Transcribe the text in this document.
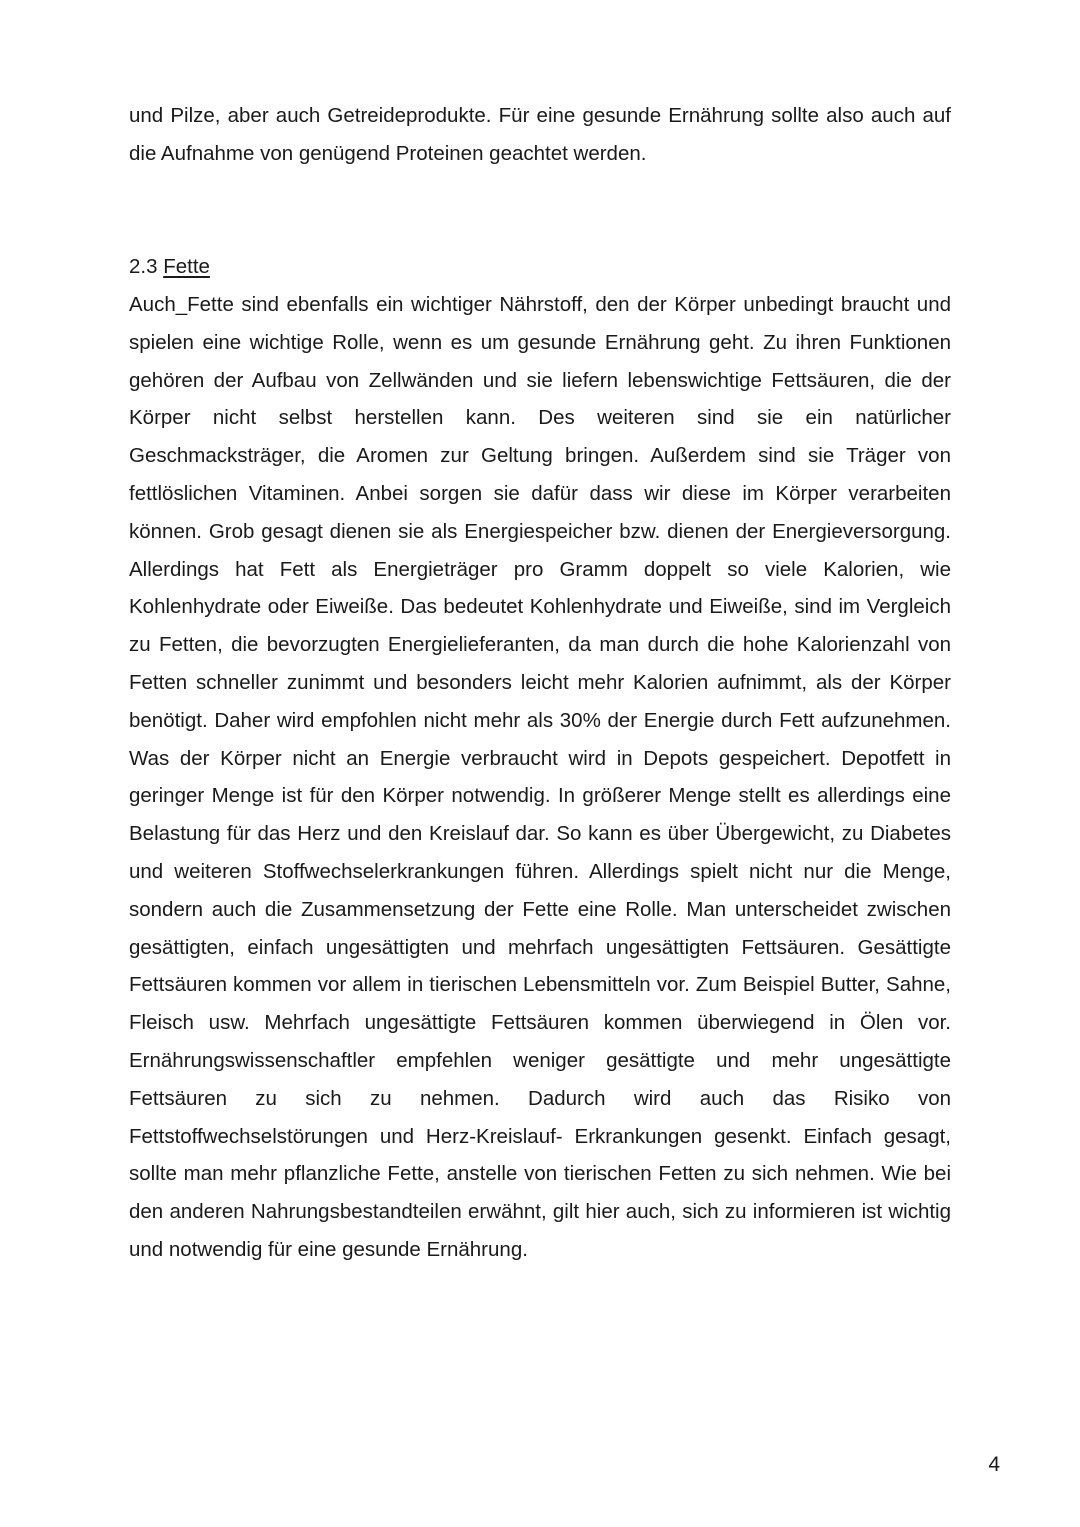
und Pilze, aber auch Getreideprodukte. Für eine gesunde Ernährung sollte also auch auf die Aufnahme von genügend Proteinen geachtet werden.

2.3 Fette

Auch_Fette sind ebenfalls ein wichtiger Nährstoff, den der Körper unbedingt braucht und spielen eine wichtige Rolle, wenn es um gesunde Ernährung geht. Zu ihren Funktionen gehören der Aufbau von Zellwänden und sie liefern lebenswichtige Fettsäuren, die der Körper nicht selbst herstellen kann. Des weiteren sind sie ein natürlicher Geschmacksträger, die Aromen zur Geltung bringen. Außerdem sind sie Träger von fettlöslichen Vitaminen. Anbei sorgen sie dafür dass wir diese im Körper verarbeiten können. Grob gesagt dienen sie als Energiespeicher bzw. dienen der Energieversorgung. Allerdings hat Fett als Energieträger pro Gramm doppelt so viele Kalorien, wie Kohlenhydrate oder Eiweiße. Das bedeutet Kohlenhydrate und Eiweiße, sind im Vergleich zu Fetten, die bevorzugten Energielieferanten, da man durch die hohe Kalorienzahl von Fetten schneller zunimmt und besonders leicht mehr Kalorien aufnimmt, als der Körper benötigt. Daher wird empfohlen nicht mehr als 30% der Energie durch Fett aufzunehmen. Was der Körper nicht an Energie verbraucht wird in Depots gespeichert. Depotfett in geringer Menge ist für den Körper notwendig. In größerer Menge stellt es allerdings eine Belastung für das Herz und den Kreislauf dar. So kann es über Übergewicht, zu Diabetes und weiteren Stoffwechselerkrankungen führen. Allerdings spielt nicht nur die Menge, sondern auch die Zusammensetzung der Fette eine Rolle. Man unterscheidet zwischen gesättigten, einfach ungesättigten und mehrfach ungesättigten Fettsäuren. Gesättigte Fettsäuren kommen vor allem in tierischen Lebensmitteln vor. Zum Beispiel Butter, Sahne, Fleisch usw. Mehrfach ungesättigte Fettsäuren kommen überwiegend in Ölen vor. Ernährungswissenschaftler empfehlen weniger gesättigte und mehr ungesättigte Fettsäuren zu sich zu nehmen. Dadurch wird auch das Risiko von Fettstoffwechselstörungen und Herz-Kreislauf- Erkrankungen gesenkt. Einfach gesagt, sollte man mehr pflanzliche Fette, anstelle von tierischen Fetten zu sich nehmen. Wie bei den anderen Nahrungsbestandteilen erwähnt, gilt hier auch, sich zu informieren ist wichtig und notwendig für eine gesunde Ernährung.

4
